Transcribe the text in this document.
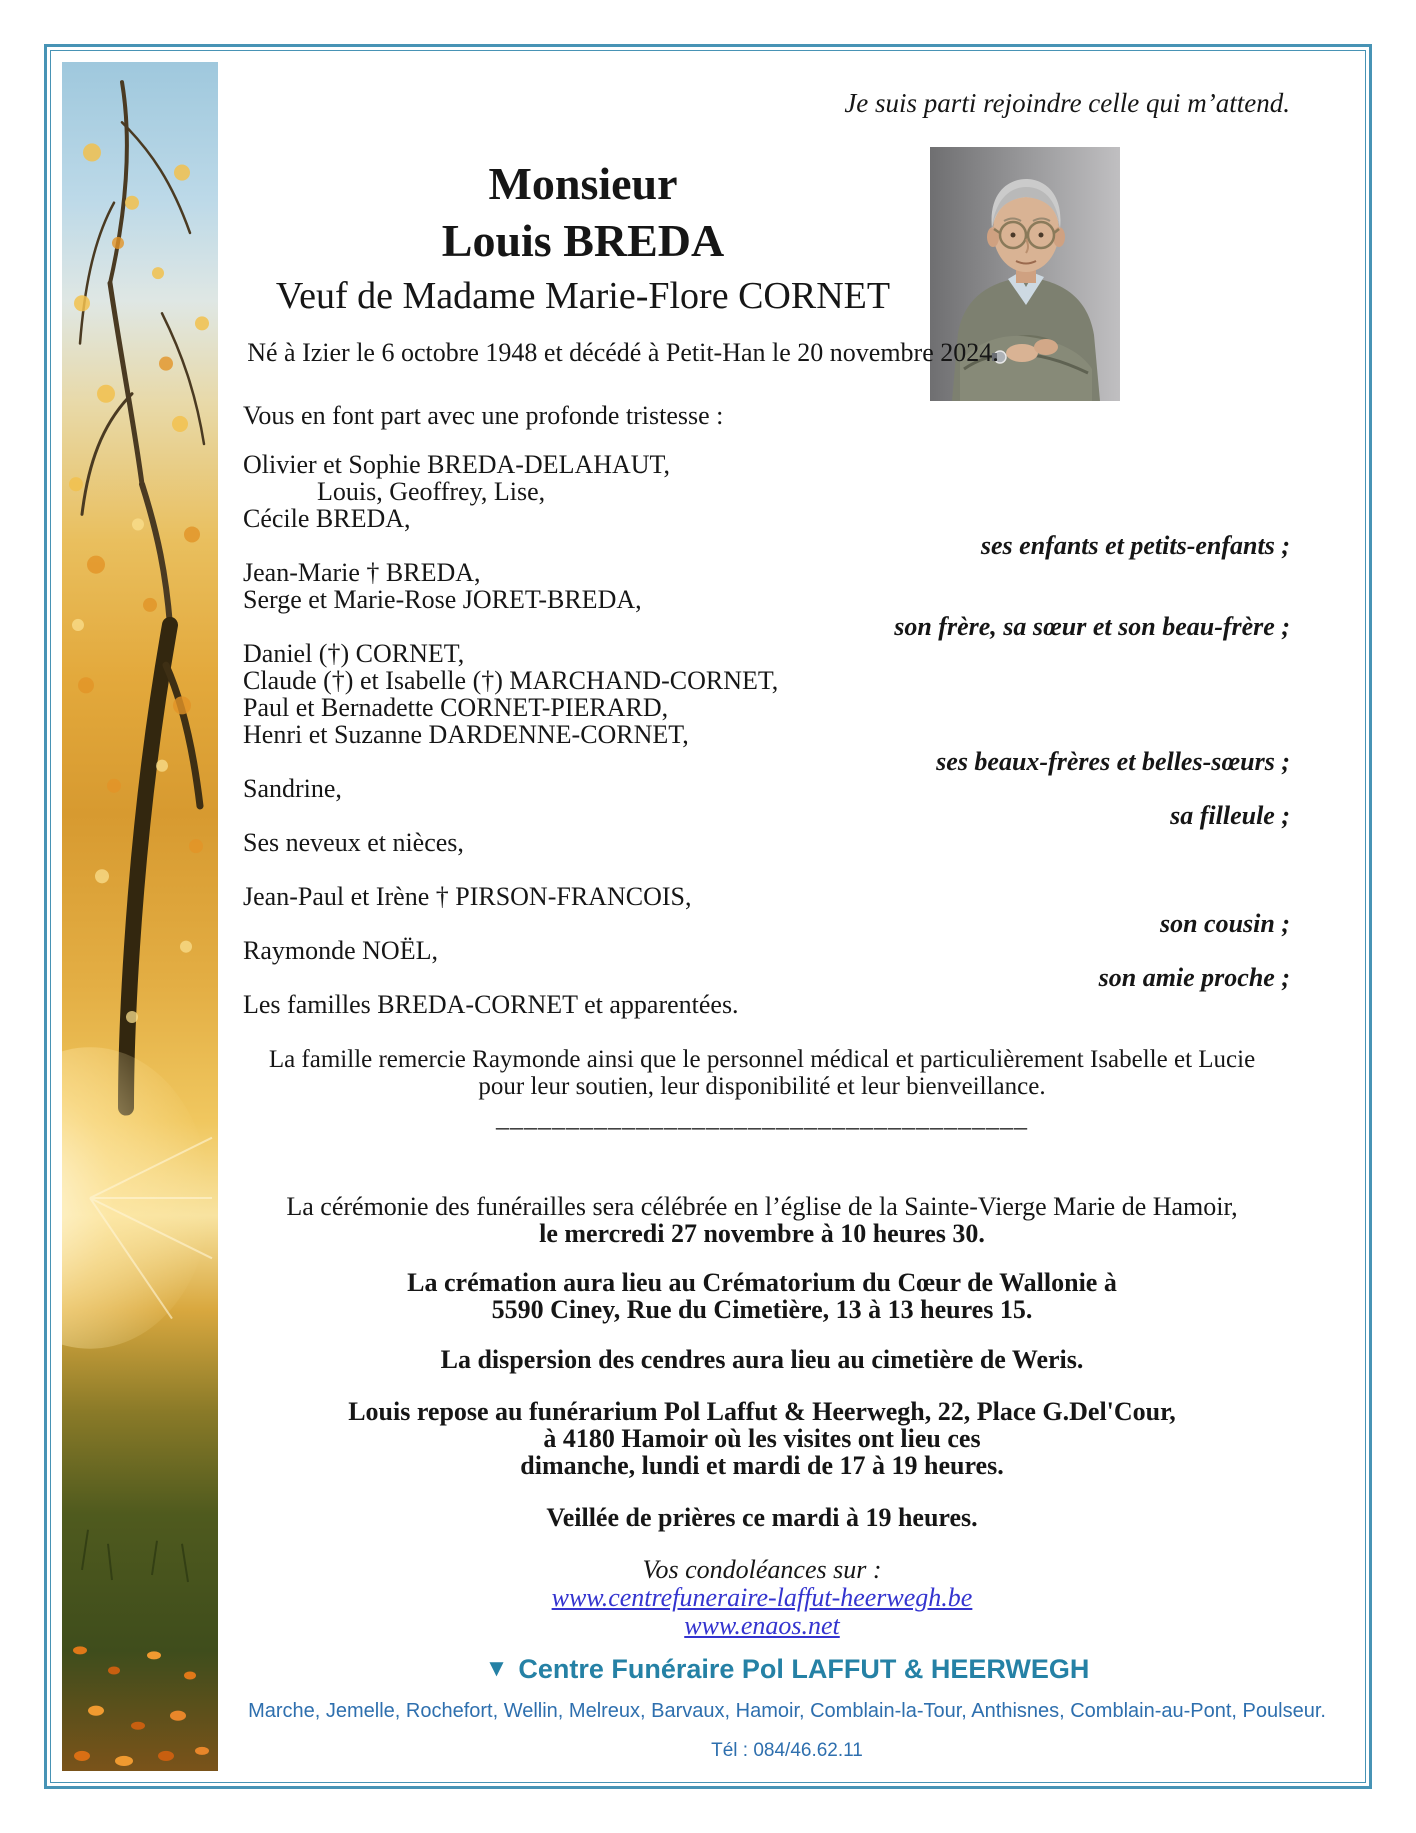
Je suis parti rejoindre celle qui m’attend.
Monsieur
Louis BREDA
Veuf de Madame Marie-Flore CORNET
Né à Izier le 6 octobre 1948 et décédé à Petit-Han le 20 novembre 2024.
Vous en font part avec une profonde tristesse :
Olivier et Sophie BREDA-DELAHAUT,
Louis, Geoffrey, Lise,
Cécile BREDA,
ses enfants et petits-enfants ;
Jean-Marie † BREDA,
Serge et Marie-Rose JORET-BREDA,
son frère, sa sœur et son beau-frère ;
Daniel (†) CORNET,
Claude (†) et Isabelle (†) MARCHAND-CORNET,
Paul et Bernadette CORNET-PIERARD,
Henri et Suzanne DARDENNE-CORNET,
ses beaux-frères et belles-sœurs ;
Sandrine,
sa filleule ;
Ses neveux et nièces,
Jean-Paul et Irène † PIRSON-FRANCOIS,
son cousin ;
Raymonde NOËL,
son amie proche ;
Les familles BREDA-CORNET et apparentées.
La famille remercie Raymonde ainsi que le personnel médical et particulièrement Isabelle et Lucie
pour leur soutien, leur disponibilité et leur bienveillance.
______________________________________
La cérémonie des funérailles sera célébrée en l’église de la Sainte-Vierge Marie de Hamoir,
le mercredi 27 novembre à 10 heures 30.
La crémation aura lieu au Crématorium du Cœur de Wallonie à
5590 Ciney, Rue du Cimetière, 13 à 13 heures 15.
La dispersion des cendres aura lieu au cimetière de Weris.
Louis repose au funérarium Pol Laffut & Heerwegh, 22, Place G.Del'Cour,
à 4180 Hamoir où les visites ont lieu ces
dimanche, lundi et mardi de 17 à 19 heures.
Veillée de prières ce mardi à 19 heures.
Vos condoléances sur :
www.centrefuneraire-laffut-heerwegh.be
www.enaos.net
▼ Centre Funéraire Pol LAFFUT & HEERWEGH
Marche, Jemelle, Rochefort, Wellin, Melreux, Barvaux, Hamoir, Comblain-la-Tour, Anthisnes, Comblain-au-Pont, Poulseur.
Tél : 084/46.62.11
